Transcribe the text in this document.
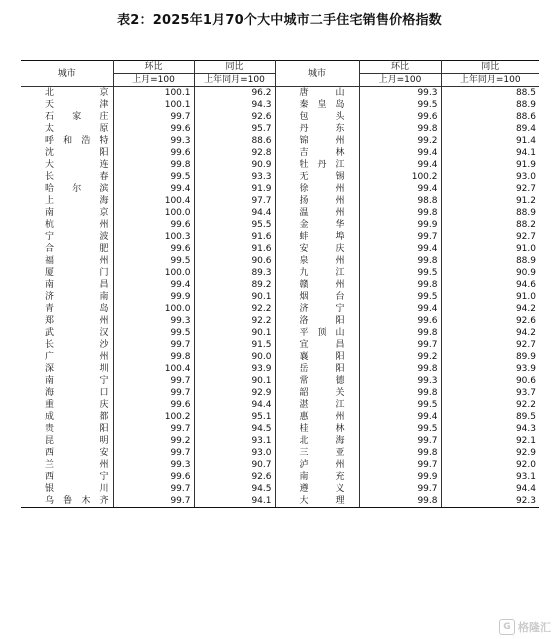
表2：2025年1月70个大中城市二手住宅销售价格指数
城市	环比	同比	城市	环比	同比
	上月=100	上年同月=100		上月=100	上年同月=100
北京	100.1	96.2	唐山	99.3	88.5
天津	100.1	94.3	秦皇岛	99.5	88.9
石家庄	99.7	92.6	包头	99.6	88.6
太原	99.6	95.7	丹东	99.8	89.4
呼和浩特	99.3	88.6	锦州	99.2	91.4
沈阳	99.6	92.8	吉林	99.4	94.1
大连	99.8	90.9	牡丹江	99.4	91.9
长春	99.5	93.3	无锡	100.2	93.0
哈尔滨	99.4	91.9	徐州	99.4	92.7
上海	100.4	97.7	扬州	98.8	91.2
南京	100.0	94.4	温州	99.8	88.9
杭州	99.6	95.5	金华	99.9	88.2
宁波	100.3	91.6	蚌埠	99.7	92.7
合肥	99.6	91.6	安庆	99.4	91.0
福州	99.5	90.6	泉州	99.8	88.9
厦门	100.0	89.3	九江	99.5	90.9
南昌	99.4	89.2	赣州	99.8	94.6
济南	99.9	90.1	烟台	99.5	91.0
青岛	100.0	92.2	济宁	99.4	94.2
郑州	99.3	92.2	洛阳	99.6	92.6
武汉	99.5	90.1	平顶山	99.8	94.2
长沙	99.7	91.5	宜昌	99.7	92.7
广州	99.8	90.0	襄阳	99.2	89.9
深圳	100.4	93.9	岳阳	99.8	93.9
南宁	99.7	90.1	常德	99.3	90.6
海口	99.7	92.9	韶关	99.8	93.7
重庆	99.6	94.4	湛江	99.5	92.2
成都	100.2	95.1	惠州	99.4	89.5
贵阳	99.7	94.5	桂林	99.5	94.3
昆明	99.2	93.1	北海	99.7	92.1
西安	99.7	93.0	三亚	99.8	92.9
兰州	99.3	90.7	泸州	99.7	92.0
西宁	99.6	92.6	南充	99.9	93.1
银川	99.7	94.5	遵义	99.7	94.4
乌鲁木齐	99.7	94.1	大理	99.8	92.3
G 格隆汇
